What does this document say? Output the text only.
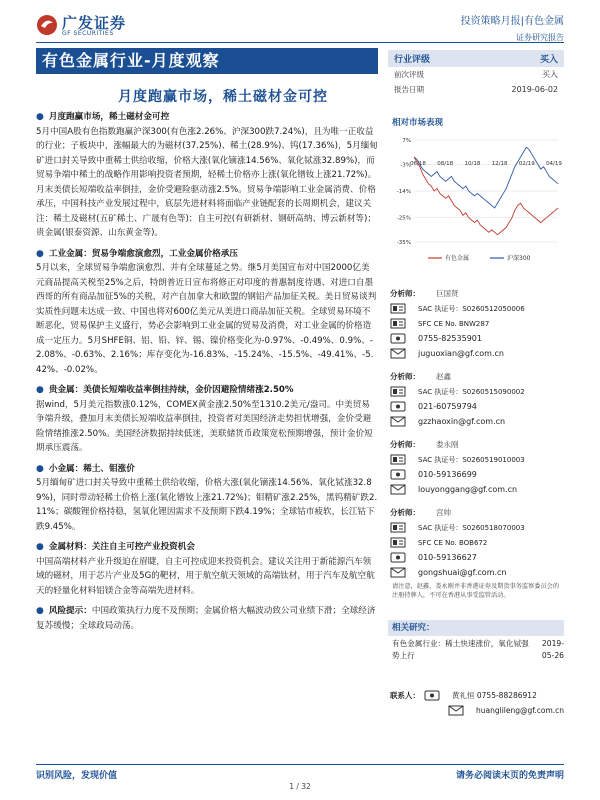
广发证券
GF SECURITIES
投资策略月报|有色金属
证券研究报告
有色金属行业-月度观察
月度跑赢市场，稀土磁材金可控
行业评级	买入
前次评级	买入
报告日期	2019-06-02
● 月度跑赢市场，稀土磁材金可控
5月中国A股有色指数跑赢沪深300(有色涨2.26%、沪深300跌7.24%)，且为唯一正收益的行业；子板块中，涨幅最大的为磁材(37.25%)、稀土(28.9%)、钨(17.36%)，5月缅甸矿进口封关导致中重稀土供给收缩，价格大涨(氧化镝涨14.56%、氧化铽涨32.89%)，而贸易争端中稀土的战略作用影响投资者预期，轻稀土价格亦上涨(氧化镨钕上涨21.72%)。月末美债长短端收益率倒挂，金价受避险驱动涨2.5%。贸易争端影响工业金属消费、价格承压，中国科技产业发展过程中，底层先进材料将面临产业链配套的长周期机会，建议关注：稀土及磁材(五矿稀土、广晟有色等)；自主可控(有研新材、钢研高纳、博云新材等)；贵金属(银泰资源、山东黄金等)。
● 工业金属：贸易争端愈演愈烈，工业金属价格承压
5月以来，全球贸易争端愈演愈烈、并有全球蔓延之势。继5月美国宣布对中国2000亿美元商品提高关税至25%之后，特朗普近日宣布将修正对印度的普惠制度待遇、对进口自墨西哥的所有商品加征5%的关税，对产自加拿大和欧盟的钢铝产品加征关税。美日贸易谈判实质性问题未达成一致、中国也将对600亿美元从美进口商品加征关税。全球贸易环境不断恶化，贸易保护主义盛行，势必会影响到工业金属的贸易及消费，对工业金属的价格造成一定压力。5月SHFE铜、铝、铅、锌、锡、镍价格变化为-0.97%、-0.49%、0.9%、-2.08%、-0.63%、2.16%；库存变化为-16.83%、-15.24%、-15.5%、-49.41%、-5.42%、-0.02%。
● 贵金属：美债长短端收益率倒挂持续，金价因避险情绪涨2.50%
据wind，5月美元指数涨0.12%，COMEX黄金涨2.50%至1310.2美元/盎司。中美贸易争端升级，叠加月末美债长短端收益率倒挂，投资者对美国经济走势担忧增强，金价受避险情绪推涨2.50%。美国经济数据持续低迷，美联储货币政策宽松预期增强，预计金价短期承压震荡。
● 小金属：稀土、钼涨价
5月缅甸矿进口封关导致中重稀土供给收缩，价格大涨(氧化镝涨14.56%、氧化铽涨32.89%)，同时带动轻稀土价格上涨(氧化镨钕上涨21.72%)；钼精矿涨2.25%，黑钨精矿跌2.11%；碳酸锂价格持稳，氢氧化锂因需求不及预期下跌4.19%；全球钴市疲软，长江钴下跌9.45%。
● 金属材料：关注自主可控产业投资机会
中国高端材料产业升级迫在眉睫，自主可控成迎来投资机会。建议关注用于新能源汽车领域的磁材，用于芯片产业及5G的靶材，用于航空航天领域的高端钛材，用于汽车及航空航天的轻量化材料铝镁合金等高端先进材料。
● 风险提示：中国政策执行力度不及预期；金属价格大幅波动致公司业绩下滑；全球经济复苏缓慢；全球政局动荡。
相对市场表现
7%
-3%
-14%
-25%
-35%
06/18 08/18 10/18 12/18 02/19 04/19
有色金属	沪深300
分析师： 巨国贤
SAC 执证号：S0260512050006
SFC CE No. BNW287
0755-82535901
juguoxian@gf.com.cn
分析师： 赵鑫
SAC 执证号：S0260515090002
021-60759794
gzzhaoxin@gf.com.cn
分析师： 娄永刚
SAC 执证号：S0260519010003
010-59136699
louyonggang@gf.com.cn
分析师： 宫帅
SAC 执证号：S0260518070003
SFC CE No. BOB672
010-59136627
gongshuai@gf.com.cn
请注意，赵鑫、娄永刚并非香港证券及期货事务监察委员会的注册持牌人，不可在香港从事受监管活动。
相关研究：
有色金属行业：稀土快速涨价，氧化铽强势上行
2019-05-26
联系人：	黄礼恒 0755-88286912
huanglileng@gf.com.cn
识别风险，发现价值	请务必阅读末页的免责声明
1 / 32
